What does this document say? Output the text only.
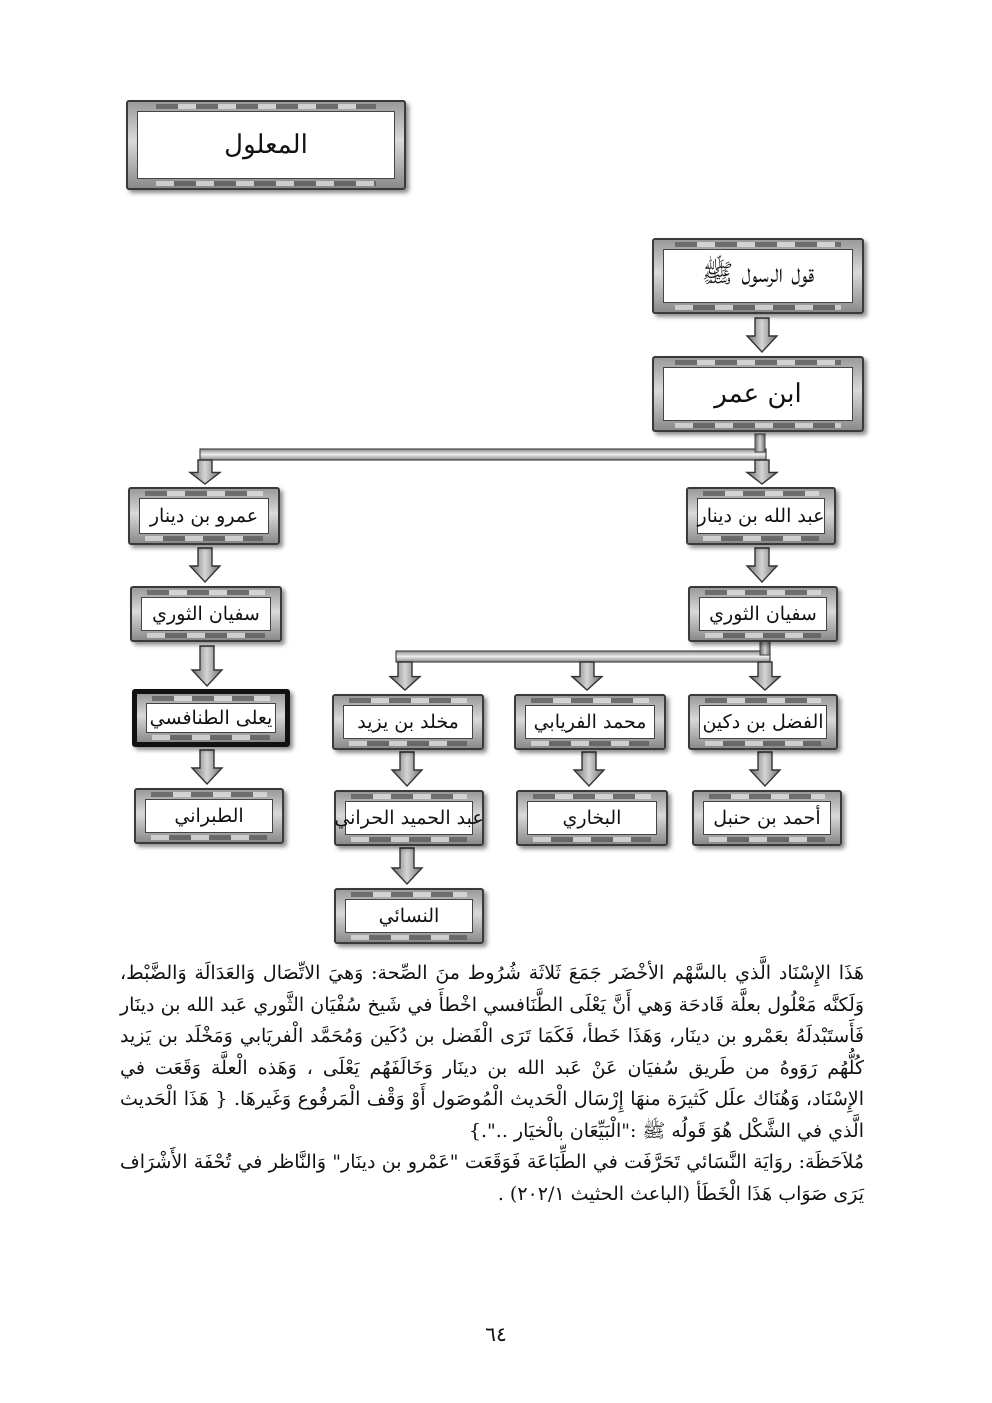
المعلول
قول الرسول ﷺ
ابن عمر
عبد الله بن دينار
عمرو بن دينار
سفيان الثوري
سفيان الثوري
يعلى الطنافسي
الطبراني
الفضل بن دكين
محمد الفريابي
مخلد بن يزيد
أحمد بن حنبل
البخاري
عبد الحميد الحراني
النسائي

هَذَا الإِسْنَاد الَّذي بالسَّهْم الأخْضَر جَمَعَ ثَلاثَة شُرُوط منَ الصِّحة: وَهيَ الاتِّصَال وَالعَدَالَة وَالضَّبْط، وَلَكنَّه مَعْلُول بعلَّة قَادحَة وَهي أَنَّ يَعْلَى الطَّنَافسي اخْطأَ في شَيخ سُفْيَان الثَّوري عَبد الله بن دينَار فَأَستَبْدلَهُ بعَمْرو بن دينَار، وَهَذَا خَطأ، فَكَمَا تَرَى الْفَضل بن دُكَين وَمُحَمَّد الْفريَابي وَمَخْلَد بن يَزيد كُلُّهُم رَوَوهُ من طَريق سُفيَان عَنْ عَبد الله بن دينَار وَخَالَفَهُم يَعْلَى ، وَهَذه الْعلَّة وَقَعَت في الإِسْنَاد، وَهُنَاك علَل كَثيرَة منهَا إِرْسَال الْحَديث الْمُوصَول أَوْ وَقْف الْمَرفُوع وَغَيرهَا. { هَذَا الْحَديث الَّذي في الشَّكْل هُوَ قَولُه ﷺ :"الْبَيِّعَان بالْخيَار ..".}

مُلاَحَظَة: روَايَة النَّسَائي تَحَرَّفَت في الطِّبَاعَة فَوَقَعَت "عَمْرو بن دينَار" وَالنَّاظر في تُحْفَة الأَشْرَاف يَرَى صَوَاب هَذَا الْخَطَأ (الباعث الحثيث ٢٠٢/١) .

٦٤
